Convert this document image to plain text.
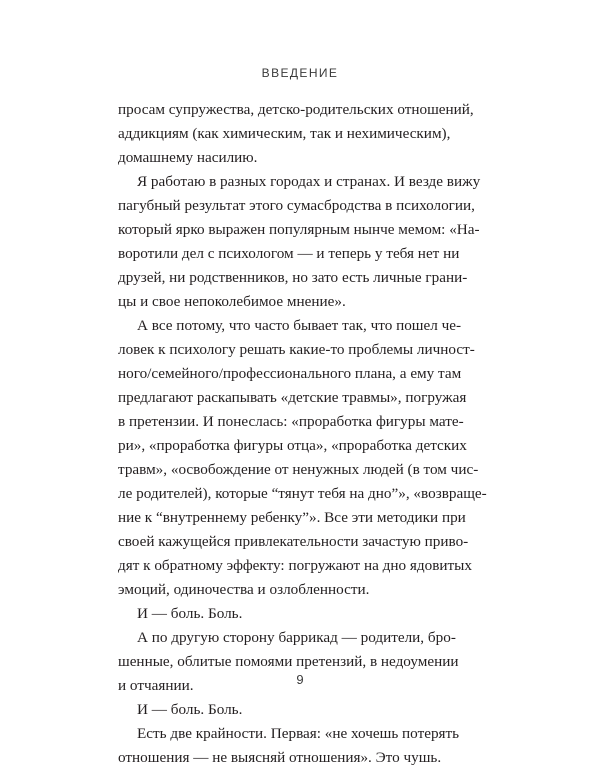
ВВЕДЕНИЕ

просам супружества, детско-родительских отношений,
аддикциям (как химическим, так и нехимическим),
домашнему насилию.

Я работаю в разных городах и странах. И везде вижу
пагубный результат этого сумасбродства в психологии,
который ярко выражен популярным нынче мемом: «На-
воротили дел с психологом — и теперь у тебя нет ни
друзей, ни родственников, но зато есть личные грани-
цы и свое непоколебимое мнение».

А все потому, что часто бывает так, что пошел че-
ловек к психологу решать какие-то проблемы личност-
ного/семейного/профессионального плана, а ему там
предлагают раскапывать «детские травмы», погружая
в претензии. И понеслась: «проработка фигуры мате-
ри», «проработка фигуры отца», «проработка детских
травм», «освобождение от ненужных людей (в том чис-
ле родителей), которые “тянут тебя на дно”», «возвраще-
ние к “внутреннему ребенку”». Все эти методики при
своей кажущейся привлекательности зачастую приво-
дят к обратному эффекту: погружают на дно ядовитых
эмоций, одиночества и озлобленности.

И — боль. Боль.

А по другую сторону баррикад — родители, бро-
шенные, облитые помоями претензий, в недоумении
и отчаянии.

И — боль. Боль.

Есть две крайности. Первая: «не хочешь потерять
отношения — не выясняй отношения». Это чушь.

9
